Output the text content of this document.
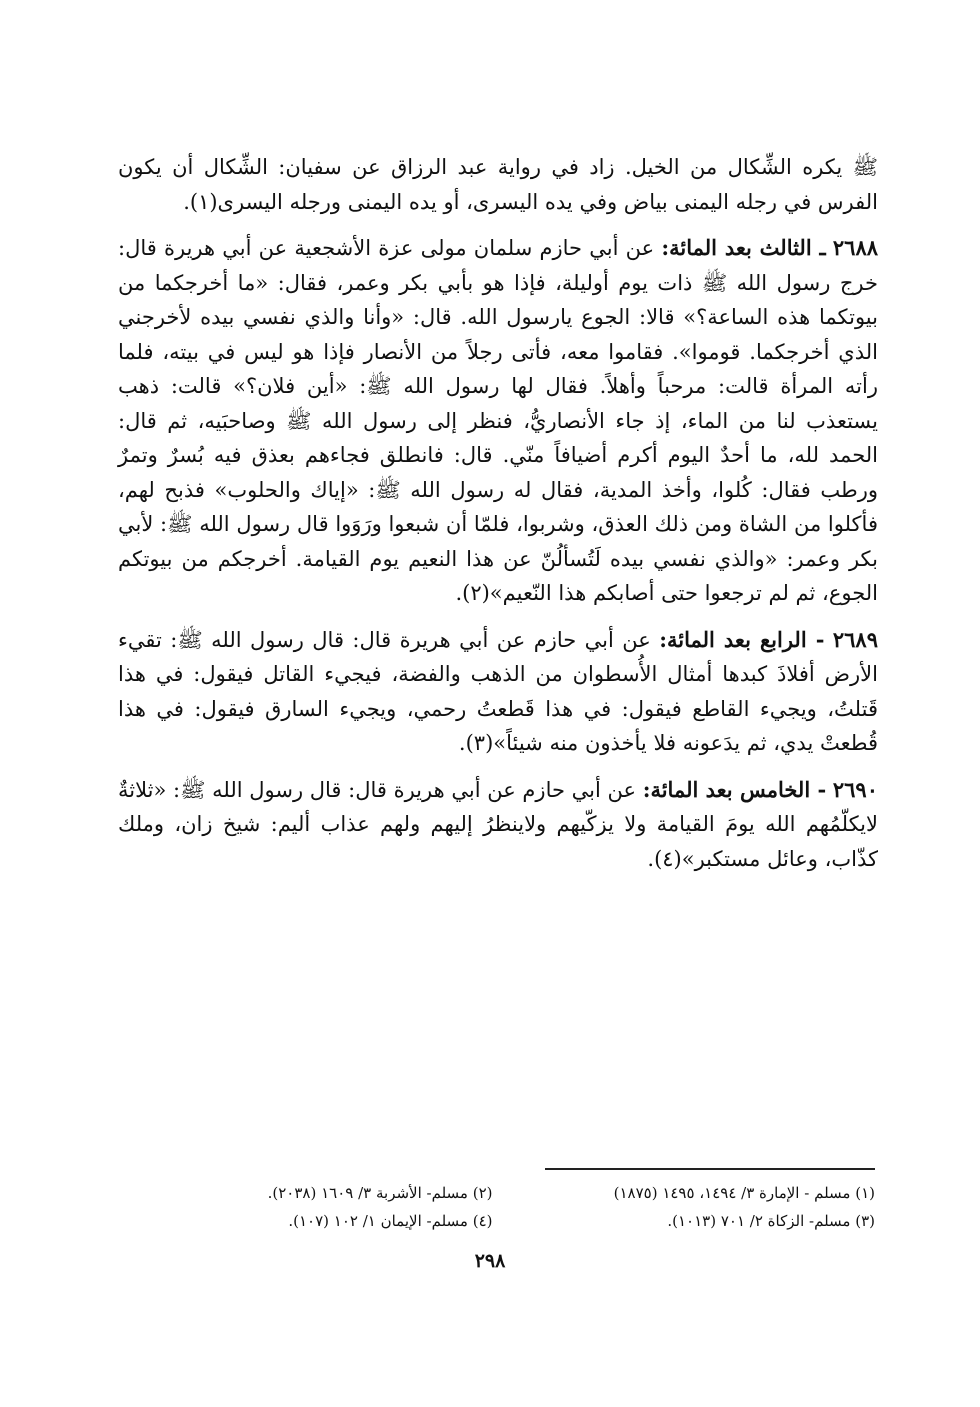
ﷺ يكره الشِّكال من الخيل. زاد في رواية عبد الرزاق عن سفيان: الشِّكال أن يكون الفرس في رجله اليمنى بياض وفي يده اليسرى، أو يده اليمنى ورجله اليسرى(١).

٢٦٨٨ ـ الثالث بعد المائة: عن أبي حازم سلمان مولى عزة الأشجعية عن أبي هريرة قال: خرج رسول الله ﷺ ذات يوم أوليلة، فإذا هو بأبي بكر وعمر، فقال: «ما أخرجكما من بيوتكما هذه الساعة؟» قالا: الجوع يارسول الله. قال: «وأنا والذي نفسي بيده لأخرجني الذي أخرجكما. قوموا». فقاموا معه، فأتى رجلاً من الأنصار فإذا هو ليس في بيته، فلما رأته المرأة قالت: مرحباً وأهلاً. فقال لها رسول الله ﷺ: «أين فلان؟» قالت: ذهب يستعذب لنا من الماء، إذ جاء الأنصاريُّ، فنظر إلى رسول الله ﷺ وصاحبَيه، ثم قال: الحمد لله، ما أحدٌ اليوم أكرم أضيافاً منّي. قال: فانطلق فجاءهم بعذق فيه بُسرٌ وتمرٌ ورطب فقال: كُلوا، وأخذ المدية، فقال له رسول الله ﷺ: «إياك والحلوب» فذبح لهم، فأكلوا من الشاة ومن ذلك العذق، وشربوا، فلمّا أن شبعوا ورَوَوا قال رسول الله ﷺ: لأبي بكر وعمر: «والذي نفسي بيده لَتُسألُنّ عن هذا النعيم يوم القيامة. أخرجكم من بيوتكم الجوع، ثم لم ترجعوا حتى أصابكم هذا النّعيم»(٢).

٢٦٨٩ - الرابع بعد المائة: عن أبي حازم عن أبي هريرة قال: قال رسول الله ﷺ: تقيء الأرض أفلاذَ كبدها أمثال الأُسطوان من الذهب والفضة، فيجيء القاتل فيقول: في هذا قَتلتُ، ويجيء القاطع فيقول: في هذا قَطعتُ رحمي، ويجيء السارق فيقول: في هذا قُطعتْ يدي، ثم يدَعونه فلا يأخذون منه شيئاً»(٣).

٢٦٩٠ - الخامس بعد المائة: عن أبي حازم عن أبي هريرة قال: قال رسول الله ﷺ: «ثلاثةٌ لايكلّمُهم الله يومَ القيامة ولا يزكّيهم ولاينظرُ إليهم ولهم عذاب أليم: شيخ زان، وملك كذّاب، وعائل مستكبر»(٤).

(١) مسلم - الإمارة ٣/ ١٤٩٤، ١٤٩٥ (١٨٧٥)
(٢) مسلم- الأشربة ٣/ ١٦٠٩ (٢٠٣٨).
(٣) مسلم- الزكاة ٢/ ٧٠١ (١٠١٣).
(٤) مسلم- الإيمان ١/ ١٠٢ (١٠٧).
٢٩٨
